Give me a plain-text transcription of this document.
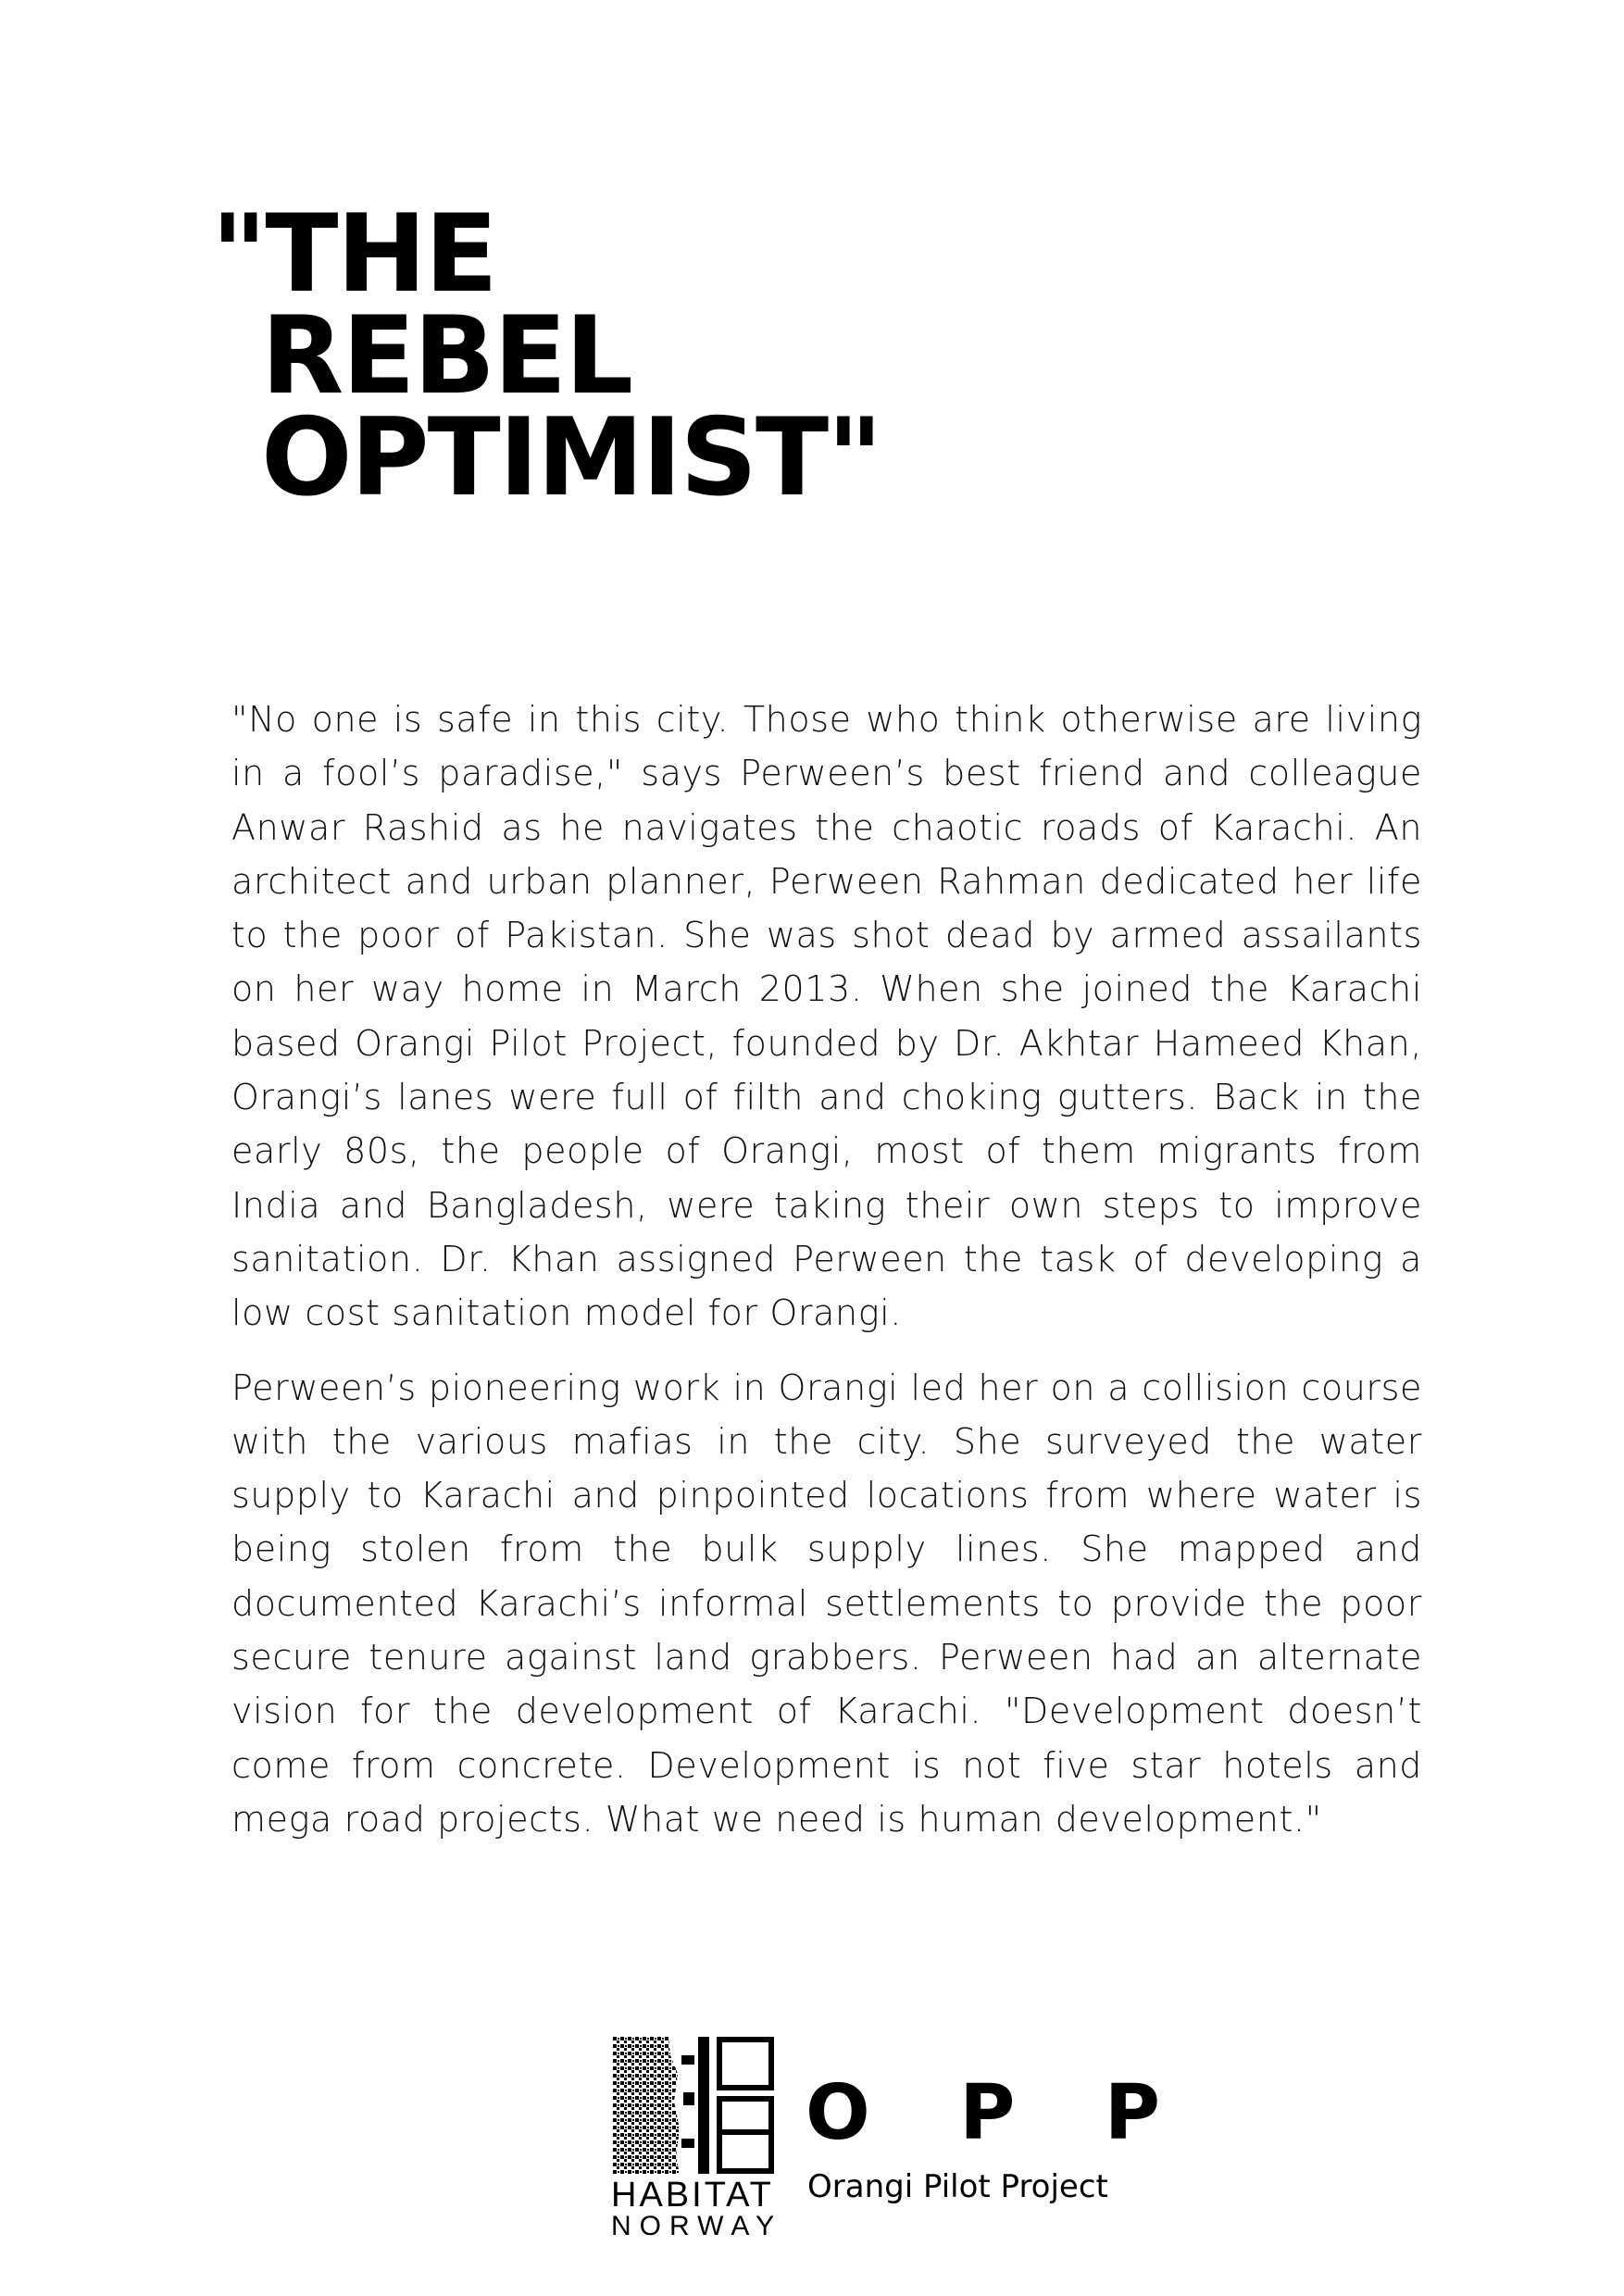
"THE
REBEL
OPTIMIST"

"No one is safe in this city. Those who think otherwise are living in a fool’s paradise," says Perween’s best friend and colleague Anwar Rashid as he navigates the chaotic roads of Karachi. An architect and urban planner, Perween Rahman dedicated her life to the poor of Pakistan. She was shot dead by armed assailants on her way home in March 2013. When she joined the Karachi based Orangi Pilot Project, founded by Dr. Akhtar Hameed Khan, Orangi’s lanes were full of filth and choking gutters. Back in the early 80s, the people of Orangi, most of them migrants from India and Bangladesh, were taking their own steps to improve sanitation. Dr. Khan assigned Perween the task of developing a low cost sanitation model for Orangi.

Perween’s pioneering work in Orangi led her on a collision course with the various mafias in the city. She surveyed the water supply to Karachi and pinpointed locations from where water is being stolen from the bulk supply lines. She mapped and documented Karachi’s informal settlements to provide the poor secure tenure against land grabbers. Perween had an alternate vision for the development of Karachi. "Development doesn’t come from concrete. Development is not five star hotels and mega road projects. What we need is human development."

HABITAT
NORWAY
O P P
Orangi Pilot Project
